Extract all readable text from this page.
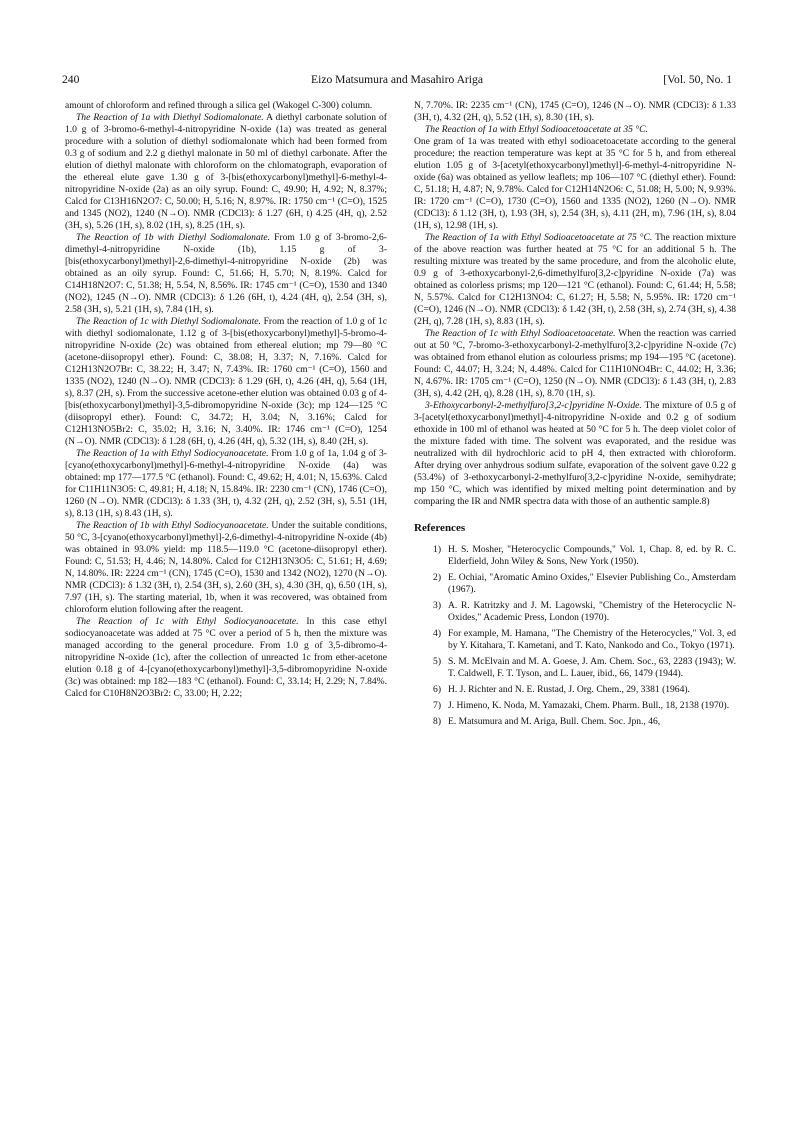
240	Eizo Matsumura and Masahiro Ariga	[Vol. 50, No. 1

amount of chloroform and refined through a silica gel (Wakogel C-300) column.

The Reaction of 1a with Diethyl Sodiomalonate. A diethyl carbonate solution of 1.0 g of 3-bromo-6-methyl-4-nitropyridine N-oxide (1a) was treated as general procedure with a solution of diethyl sodiomalonate which had been formed from 0.3 g of sodium and 2.2 g diethyl malonate in 50 ml of diethyl carbonate. After the elution of diethyl malonate with chloroform on the chlomatograph, evaporation of the ethereal elute gave 1.30 g of 3-[bis(ethoxycarbonyl)methyl]-6-methyl-4-nitropyridine N-oxide (2a) as an oily syrup. Found: C, 49.90; H, 4.92; N, 8.37%; Calcd for C13H16N2O7: C, 50.00; H, 5.16; N, 8.97%. IR: 1750 cm⁻¹ (C=O), 1525 and 1345 (NO2), 1240 (N→O). NMR (CDCl3): δ 1.27 (6H, t) 4.25 (4H, q), 2.52 (3H, s), 5.26 (1H, s), 8.02 (1H, s), 8.25 (1H, s).

The Reaction of 1b with Diethyl Sodiomalonate. From 1.0 g of 3-bromo-2,6-dimethyl-4-nitropyridine N-oxide (1b), 1.15 g of 3-[bis(ethoxycarbonyl)methyl]-2,6-dimethyl-4-nitropyridine N-oxide (2b) was obtained as an oily syrup. Found: C, 51.66; H, 5.70; N, 8.19%. Calcd for C14H18N2O7: C, 51.38; H, 5.54, N, 8.56%. IR: 1745 cm⁻¹ (C=O), 1530 and 1340 (NO2), 1245 (N→O). NMR (CDCl3): δ 1.26 (6H, t), 4.24 (4H, q), 2.54 (3H, s), 2.58 (3H, s), 5.21 (1H, s), 7.84 (1H, s).

The Reaction of 1c with Diethyl Sodiomalonate. From the reaction of 1.0 g of 1c with diethyl sodiomalonate, 1.12 g of 3-[bis(ethoxycarbonyl)methyl]-5-bromo-4-nitropyridine N-oxide (2c) was obtained from ethereal elution; mp 79—80 °C (acetone-diisopropyl ether). Found: C, 38.08; H, 3.37; N, 7.16%. Calcd for C12H13N2O7Br: C, 38.22; H, 3.47; N, 7.43%. IR: 1760 cm⁻¹ (C=O), 1560 and 1335 (NO2), 1240 (N→O). NMR (CDCl3): δ 1.29 (6H, t), 4.26 (4H, q), 5.64 (1H, s), 8.37 (2H, s). From the successive acetone-ether elution was obtained 0.03 g of 4-[bis(ethoxycarbonyl)methyl]-3,5-dibromopyridine N-oxide (3c); mp 124—125 °C (diisopropyl ether). Found: C, 34.72; H, 3.04; N, 3.16%; Calcd for C12H13NO5Br2: C, 35.02; H, 3.16; N, 3.40%. IR: 1746 cm⁻¹ (C=O), 1254 (N→O). NMR (CDCl3): δ 1.28 (6H, t), 4.26 (4H, q), 5.32 (1H, s), 8.40 (2H, s).

The Reaction of 1a with Ethyl Sodiocyanoacetate. From 1.0 g of 1a, 1.04 g of 3-[cyano(ethoxycarbonyl)methyl]-6-methyl-4-nitropyridine N-oxide (4a) was obtained: mp 177—177.5 °C (ethanol). Found: C, 49.62; H, 4.01; N, 15.63%. Calcd for C11H11N3O5: C, 49.81; H, 4.18; N, 15.84%. IR: 2230 cm⁻¹ (CN), 1746 (C=O), 1260 (N→O). NMR (CDCl3): δ 1.33 (3H, t), 4.32 (2H, q), 2.52 (3H, s), 5.51 (1H, s), 8.13 (1H, s) 8.43 (1H, s).

The Reaction of 1b with Ethyl Sodiocyanoacetate. Under the suitable conditions, 50 °C, 3-[cyano(ethoxycarbonyl)methyl]-2,6-dimethyl-4-nitropyridine N-oxide (4b) was obtained in 93.0% yield: mp 118.5—119.0 °C (acetone-diisopropyl ether). Found: C, 51.53; H, 4.46; N, 14.80%. Calcd for C12H13N3O5: C, 51.61; H, 4.69; N, 14.80%. IR: 2224 cm⁻¹ (CN), 1745 (C=O), 1530 and 1342 (NO2), 1270 (N→O). NMR (CDCl3): δ 1.32 (3H, t), 2.54 (3H, s), 2.60 (3H, s), 4.30 (3H, q), 6.50 (1H, s), 7.97 (1H, s). The starting material, 1b, when it was recovered, was obtained from chloroform elution following after the reagent.

The Reaction of 1c with Ethyl Sodiocyanoacetate. In this case ethyl sodiocyanoacetate was added at 75 °C over a period of 5 h, then the mixture was managed according to the general procedure. From 1.0 g of 3,5-dibromo-4-nitropyridine N-oxide (1c), after the collection of unreacted 1c from ether-acetone elution 0.18 g of 4-[cyano(ethoxycarbonyl)methyl]-3,5-dibromopyridine N-oxide (3c) was obtained: mp 182—183 °C (ethanol). Found: C, 33.14; H, 2.29; N, 7.84%. Calcd for C10H8N2O3Br2: C, 33.00; H, 2.22;

N, 7.70%. IR: 2235 cm⁻¹ (CN), 1745 (C=O), 1246 (N→O). NMR (CDCl3): δ 1.33 (3H, t), 4.32 (2H, q), 5.52 (1H, s), 8.30 (1H, s).

The Reaction of 1a with Ethyl Sodioacetoacetate at 35 °C.

One gram of 1a was treated with ethyl sodioacetoacetate according to the general procedure; the reaction temperature was kept at 35 °C for 5 h, and from ethereal elution 1.05 g of 3-[acetyl(ethoxycarbonyl)methyl]-6-methyl-4-nitropyridine N-oxide (6a) was obtained as yellow leaflets; mp 106—107 °C (diethyl ether). Found: C, 51.18; H, 4.87; N, 9.78%. Calcd for C12H14N2O6: C, 51.08; H, 5.00; N, 9.93%. IR: 1720 cm⁻¹ (C=O), 1730 (C=O), 1560 and 1335 (NO2), 1260 (N→O). NMR (CDCl3): δ 1.12 (3H, t), 1.93 (3H, s), 2.54 (3H, s), 4.11 (2H, m), 7.96 (1H, s), 8.04 (1H, s), 12.98 (1H, s).

The Reaction of 1a with Ethyl Sodioacetoacetate at 75 °C. The reaction mixture of the above reaction was further heated at 75 °C for an additional 5 h. The resulting mixture was treated by the same procedure, and from the alcoholic elute, 0.9 g of 3-ethoxycarbonyl-2,6-dimethylfuro[3,2-c]pyridine N-oxide (7a) was obtained as colorless prisms; mp 120—121 °C (ethanol). Found: C, 61.44; H, 5.58; N, 5.57%. Calcd for C12H13NO4: C, 61.27; H, 5.58; N, 5.95%. IR: 1720 cm⁻¹ (C=O), 1246 (N→O). NMR (CDCl3): δ 1.42 (3H, t), 2.58 (3H, s), 2.74 (3H, s), 4.38 (2H, q), 7.28 (1H, s), 8.83 (1H, s).

The Reaction of 1c with Ethyl Sodioacetoacetate. When the reaction was carried out at 50 °C, 7-bromo-3-ethoxycarbonyl-2-methylfuro[3,2-c]pyridine N-oxide (7c) was obtained from ethanol elution as colourless prisms; mp 194—195 °C (acetone). Found: C, 44.07; H, 3.24; N, 4.48%. Calcd for C11H10NO4Br: C, 44.02; H, 3.36; N, 4.67%. IR: 1705 cm⁻¹ (C=O), 1250 (N→O). NMR (CDCl3): δ 1.43 (3H, t), 2.83 (3H, s), 4.42 (2H, q), 8.28 (1H, s), 8.70 (1H, s).

3-Ethoxycarbonyl-2-methylfuro[3,2-c]pyridine N-Oxide. The mixture of 0.5 g of 3-[acetyl(ethoxycarbonyl)methyl]-4-nitropyridine N-oxide and 0.2 g of sodium ethoxide in 100 ml of ethanol was heated at 50 °C for 5 h. The deep violet color of the mixture faded with time. The solvent was evaporated, and the residue was neutralized with dil hydrochloric acid to pH 4, then extracted with chloroform. After drying over anhydrous sodium sulfate, evaporation of the solvent gave 0.22 g (53.4%) of 3-ethoxycarbonyl-2-methylfuro[3,2-c]pyridine N-oxide, semihydrate; mp 150 °C, which was identified by mixed melting point determination and by comparing the IR and NMR spectra data with those of an authentic sample.8)

References
1) H. S. Mosher, "Heterocyclic Compounds," Vol. 1, Chap. 8, ed. by R. C. Elderfield, John Wiley & Sons, New York (1950).
2) E. Ochiai, "Aromatic Amino Oxides," Elsevier Publishing Co., Amsterdam (1967).
3) A. R. Katritzky and J. M. Lagowski, "Chemistry of the Heterocyclic N-Oxides," Academic Press, London (1970).
4) For example, M. Hamana, "The Chemistry of the Heterocycles," Vol. 3, ed by Y. Kitahara, T. Kametani, and T. Kato, Nankodo and Co., Tokyo (1971).
5) S. M. McElvain and M. A. Goese, J. Am. Chem. Soc., 63, 2283 (1943); W. T. Caldwell, F. T. Tyson, and L. Lauer, ibid., 66, 1479 (1944).
6) H. J. Richter and N. E. Rustad, J. Org. Chem., 29, 3381 (1964).
7) J. Himeno, K. Noda, M. Yamazaki, Chem. Pharm. Bull., 18, 2138 (1970).
8) E. Matsumura and M. Ariga, Bull. Chem. Soc. Jpn., 46,
